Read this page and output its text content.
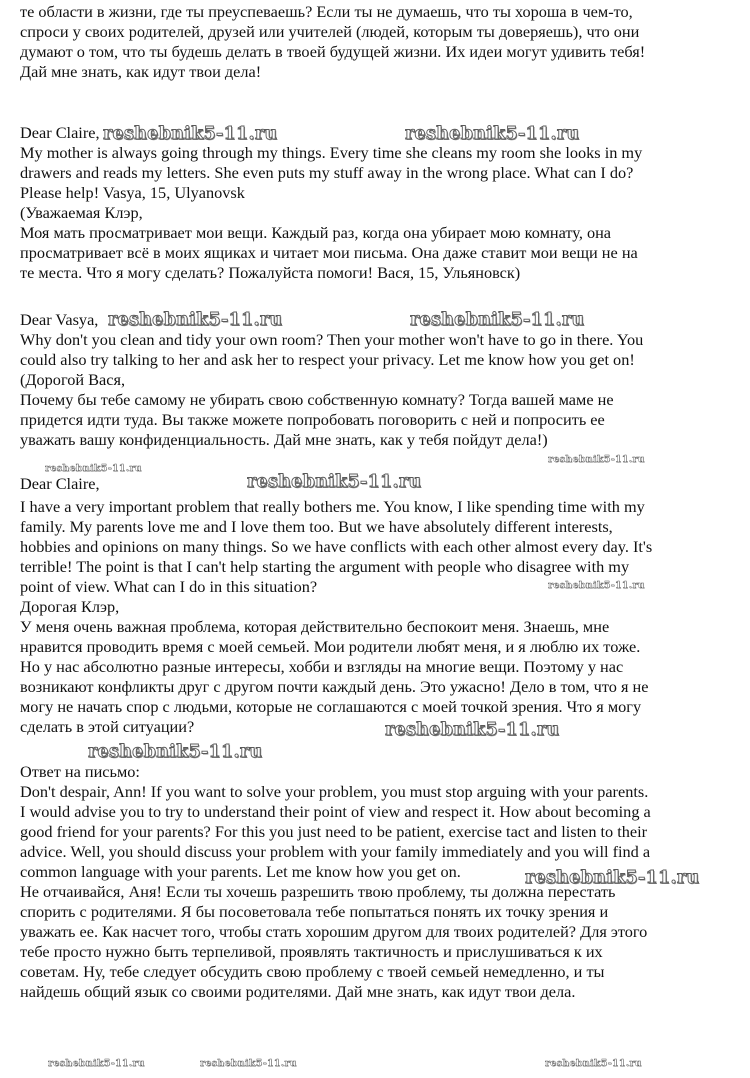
те области в жизни, где ты преуспеваешь? Если ты не думаешь, что ты хороша в чем-то,
спроси у своих родителей, друзей или учителей (людей, которым ты доверяешь), что они
думают о том, что ты будешь делать в твоей будущей жизни. Их идеи могут удивить тебя!
Дай мне знать, как идут твои дела!
Dear Claire,
My mother is always going through my things. Every time she cleans my room she looks in my
drawers and reads my letters. She even puts my stuff away in the wrong place. What can I do?
Please help! Vasya, 15, Ulyanovsk
(Уважаемая Клэр,
Моя мать просматривает мои вещи. Каждый раз, когда она убирает мою комнату, она
просматривает всё в моих ящиках и читает мои письма. Она даже ставит мои вещи не на
те места. Что я могу сделать? Пожалуйста помоги! Вася, 15, Ульяновск)
Dear Vasya,
Why don't you clean and tidy your own room? Then your mother won't have to go in there. You
could also try talking to her and ask her to respect your privacy. Let me know how you get on!
(Дорогой Вася,
Почему бы тебе самому не убирать свою собственную комнату? Тогда вашей маме не
придется идти туда. Вы также можете попробовать поговорить с ней и попросить ее
уважать вашу конфиденциальность. Дай мне знать, как у тебя пойдут дела!)
Dear Claire,
I have a very important problem that really bothers me. You know, I like spending time with my
family. My parents love me and I love them too. But we have absolutely different interests,
hobbies and opinions on many things. So we have conflicts with each other almost every day. It's
terrible! The point is that I can't help starting the argument with people who disagree with my
point of view. What can I do in this situation?
Дорогая Клэр,
У меня очень важная проблема, которая действительно беспокоит меня. Знаешь, мне
нравится проводить время с моей семьей. Мои родители любят меня, и я люблю их тоже.
Но у нас абсолютно разные интересы, хобби и взгляды на многие вещи. Поэтому у нас
возникают конфликты друг с другом почти каждый день. Это ужасно! Дело в том, что я не
могу не начать спор с людьми, которые не соглашаются с моей точкой зрения. Что я могу
сделать в этой ситуации?
Ответ на письмо:
Don't despair, Ann! If you want to solve your problem, you must stop arguing with your parents.
I would advise you to try to understand their point of view and respect it. How about becoming a
good friend for your parents? For this you just need to be patient, exercise tact and listen to their
advice. Well, you should discuss your problem with your family immediately and you will find a
common language with your parents. Let me know how you get on.
Не отчаивайся, Аня! Если ты хочешь разрешить твою проблему, ты должна перестать
спорить с родителями. Я бы посоветовала тебе попытаться понять их точку зрения и
уважать ее. Как насчет того, чтобы стать хорошим другом для твоих родителей? Для этого
тебе просто нужно быть терпеливой, проявлять тактичность и прислушиваться к их
советам. Ну, тебе следует обсудить свою проблему с твоей семьей немедленно, и ты
найдешь общий язык со своими родителями. Дай мне знать, как идут твои дела.
reshebnik5-11.ru	reshebnik5-11.ru
reshebnik5-11.ru	reshebnik5-11.ru
reshebnik5-11.ru
reshebnik5-11.ru
reshebnik5-11.ru
reshebnik5-11.ru
reshebnik5-11.ru
reshebnik5-11.ru
reshebnik5-11.ru
reshebnik5-11.ru	reshebnik5-11.ru	reshebnik5-11.ru
